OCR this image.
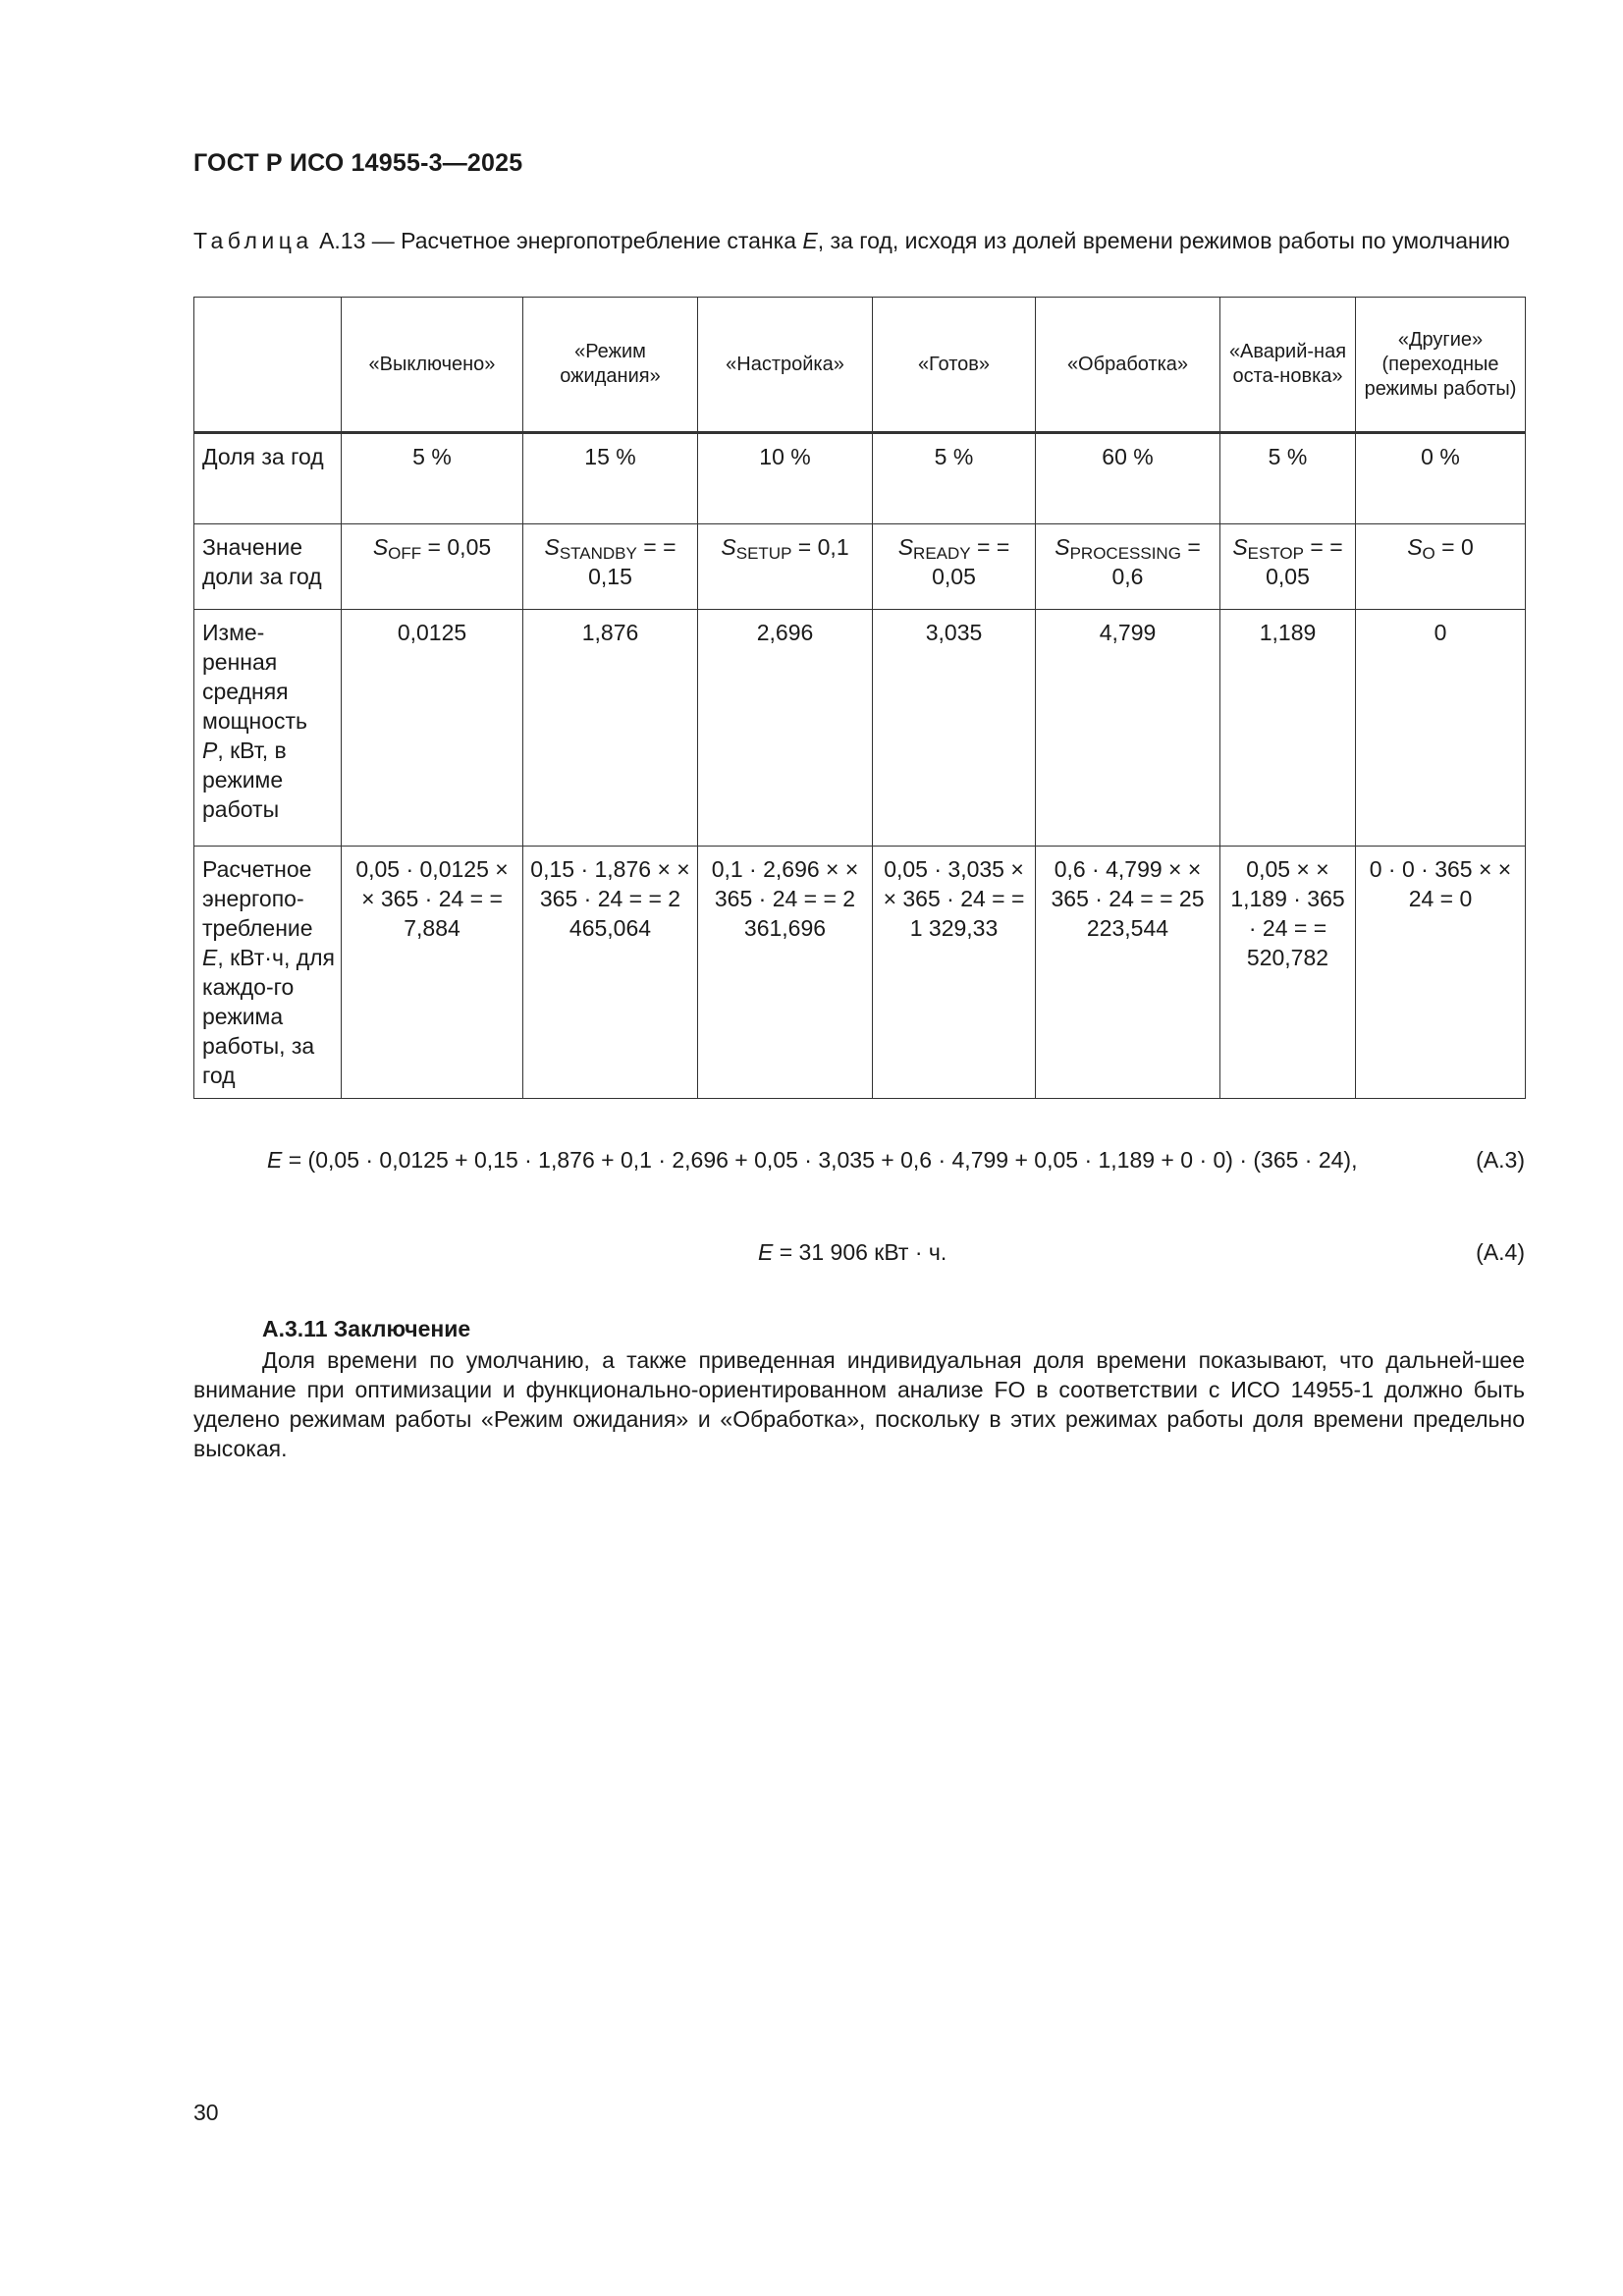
ГОСТ Р ИСО 14955-3—2025
Таблица А.13 — Расчетное энергопотребление станка E, за год, исходя из долей времени режимов работы по умолчанию
	«Выключено»	«Режим ожидания»	«Настройка»	«Готов»	«Обработка»	«Аварий-ная оста-новка»	«Другие» (переходные режимы работы)
Доля за год	5 %	15 %	10 %	5 %	60 %	5 %	0 %
Значение доли за год	$S_{OFF} = 0,05$	$S_{STANDBY}$ = = 0,15	$S_{SETUP} = 0,1$	$S_{READY}$ = = 0,05	$S_{PROCESSING} = 0,6$	$S_{ESTOP}$ = = 0,05	$S_O = 0$
Изме-ренная средняя мощность P, кВт, в режиме работы	0,0125	1,876	2,696	3,035	4,799	1,189	0
Расчетное энергопо-требление E, кВт·ч, для каждо-го режима работы, за год	0,05 · 0,0125 × × 365 · 24 = = 7,884	0,15 · 1,876 × × 365 · 24 = = 2 465,064	0,1 · 2,696 × × 365 · 24 = = 2 361,696	0,05 · 3,035 × × 365 · 24 = = 1 329,33	0,6 · 4,799 × × 365 · 24 = = 25 223,544	0,05 × × 1,189 · 365 · 24 = = 520,782	0 · 0 · 365 × × 24 = 0
E = (0,05 · 0,0125 + 0,15 · 1,876 + 0,1 · 2,696 + 0,05 · 3,035 + 0,6 · 4,799 + 0,05 · 1,189 + 0 · 0) · (365 · 24),	(А.3)
E = 31 906 кВт · ч.	(А.4)
А.3.11 Заключение
Доля времени по умолчанию, а также приведенная индивидуальная доля времени показывают, что дальней-шее внимание при оптимизации и функционально-ориентированном анализе FO в соответствии с ИСО 14955-1 должно быть уделено режимам работы «Режим ожидания» и «Обработка», поскольку в этих режимах работы доля времени предельно высокая.
30
